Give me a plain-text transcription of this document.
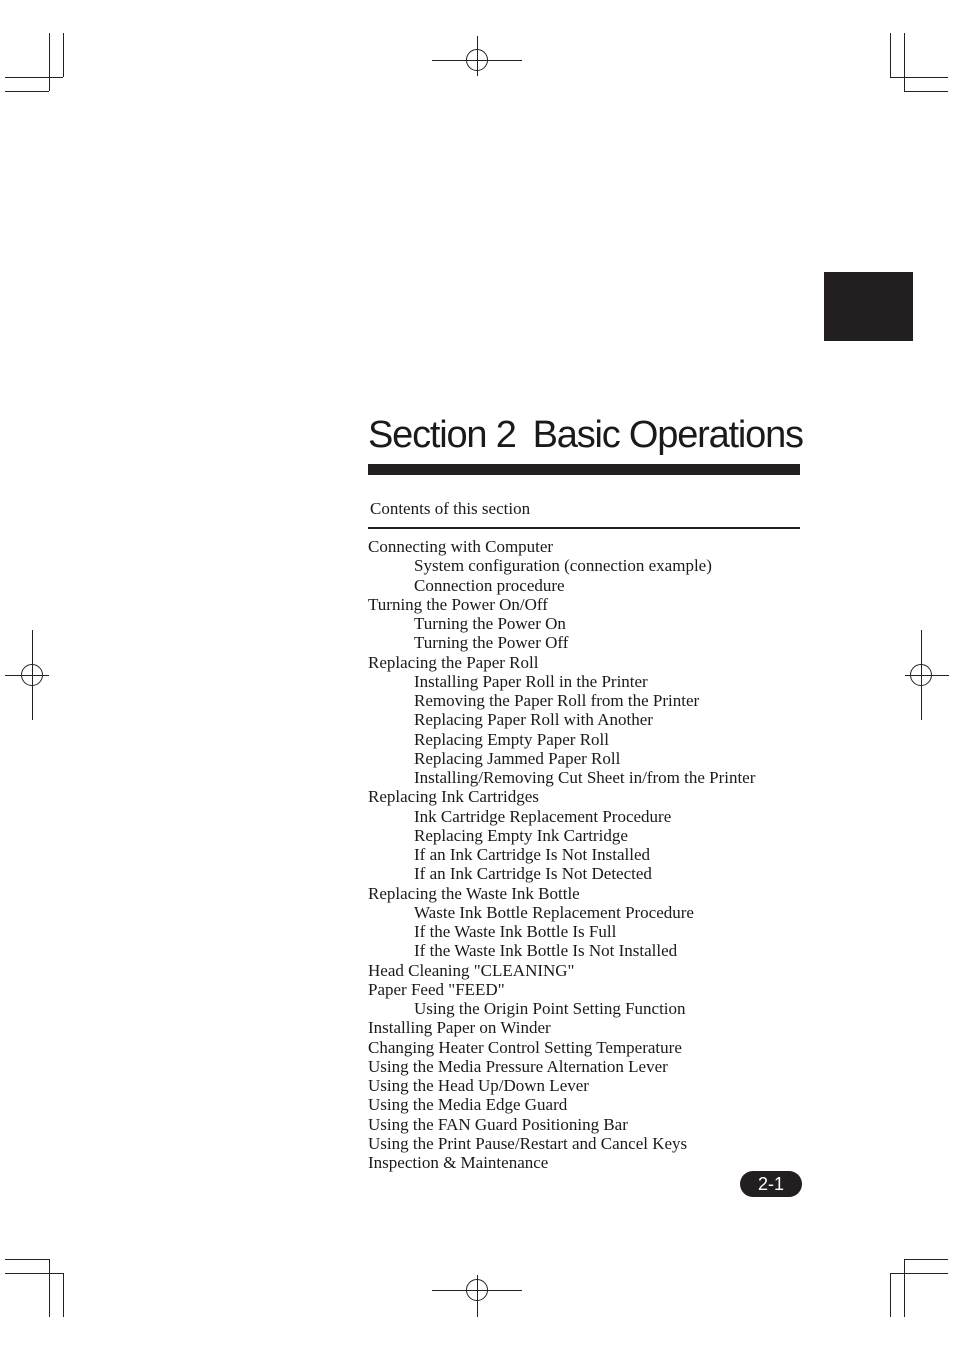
Section 2 Basic Operations
Contents of this section
Connecting with Computer
System configuration (connection example)
Connection procedure
Turning the Power On/Off
Turning the Power On
Turning the Power Off
Replacing the Paper Roll
Installing Paper Roll in the Printer
Removing the Paper Roll from the Printer
Replacing Paper Roll with Another
Replacing Empty Paper Roll
Replacing Jammed Paper Roll
Installing/Removing Cut Sheet in/from the Printer
Replacing Ink Cartridges
Ink Cartridge Replacement Procedure
Replacing Empty Ink Cartridge
If an Ink Cartridge Is Not Installed
If an Ink Cartridge Is Not Detected
Replacing the Waste Ink Bottle
Waste Ink Bottle Replacement Procedure
If the Waste Ink Bottle Is Full
If the Waste Ink Bottle Is Not Installed
Head Cleaning "CLEANING"
Paper Feed "FEED"
Using the Origin Point Setting Function
Installing Paper on Winder
Changing Heater Control Setting Temperature
Using the Media Pressure Alternation Lever
Using the Head Up/Down Lever
Using the Media Edge Guard
Using the FAN Guard Positioning Bar
Using the Print Pause/Restart and Cancel Keys
Inspection & Maintenance
2-1
